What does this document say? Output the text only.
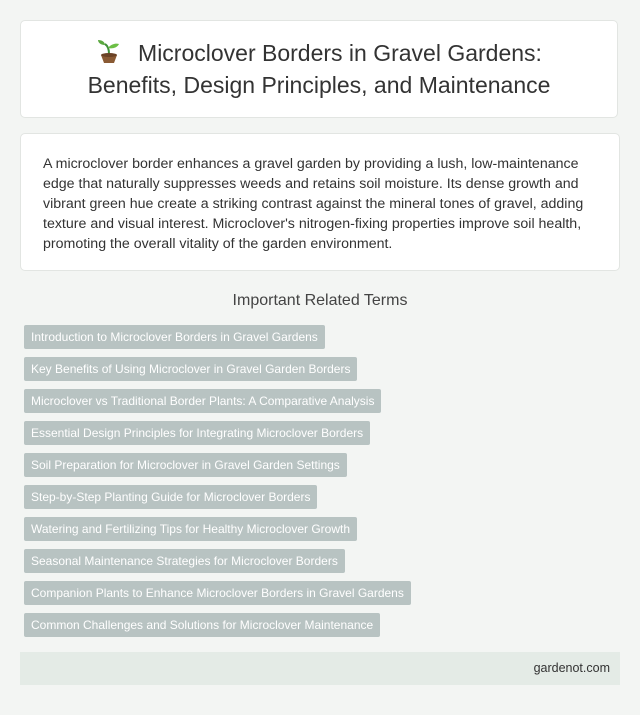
Microclover Borders in Gravel Gardens:
Benefits, Design Principles, and Maintenance

A microclover border enhances a gravel garden by providing a lush, low-maintenance edge that naturally suppresses weeds and retains soil moisture. Its dense growth and vibrant green hue create a striking contrast against the mineral tones of gravel, adding texture and visual interest. Microclover's nitrogen-fixing properties improve soil health, promoting the overall vitality of the garden environment.

Important Related Terms
Introduction to Microclover Borders in Gravel Gardens
Key Benefits of Using Microclover in Gravel Garden Borders
Microclover vs Traditional Border Plants: A Comparative Analysis
Essential Design Principles for Integrating Microclover Borders
Soil Preparation for Microclover in Gravel Garden Settings
Step-by-Step Planting Guide for Microclover Borders
Watering and Fertilizing Tips for Healthy Microclover Growth
Seasonal Maintenance Strategies for Microclover Borders
Companion Plants to Enhance Microclover Borders in Gravel Gardens
Common Challenges and Solutions for Microclover Maintenance
gardenot.com
